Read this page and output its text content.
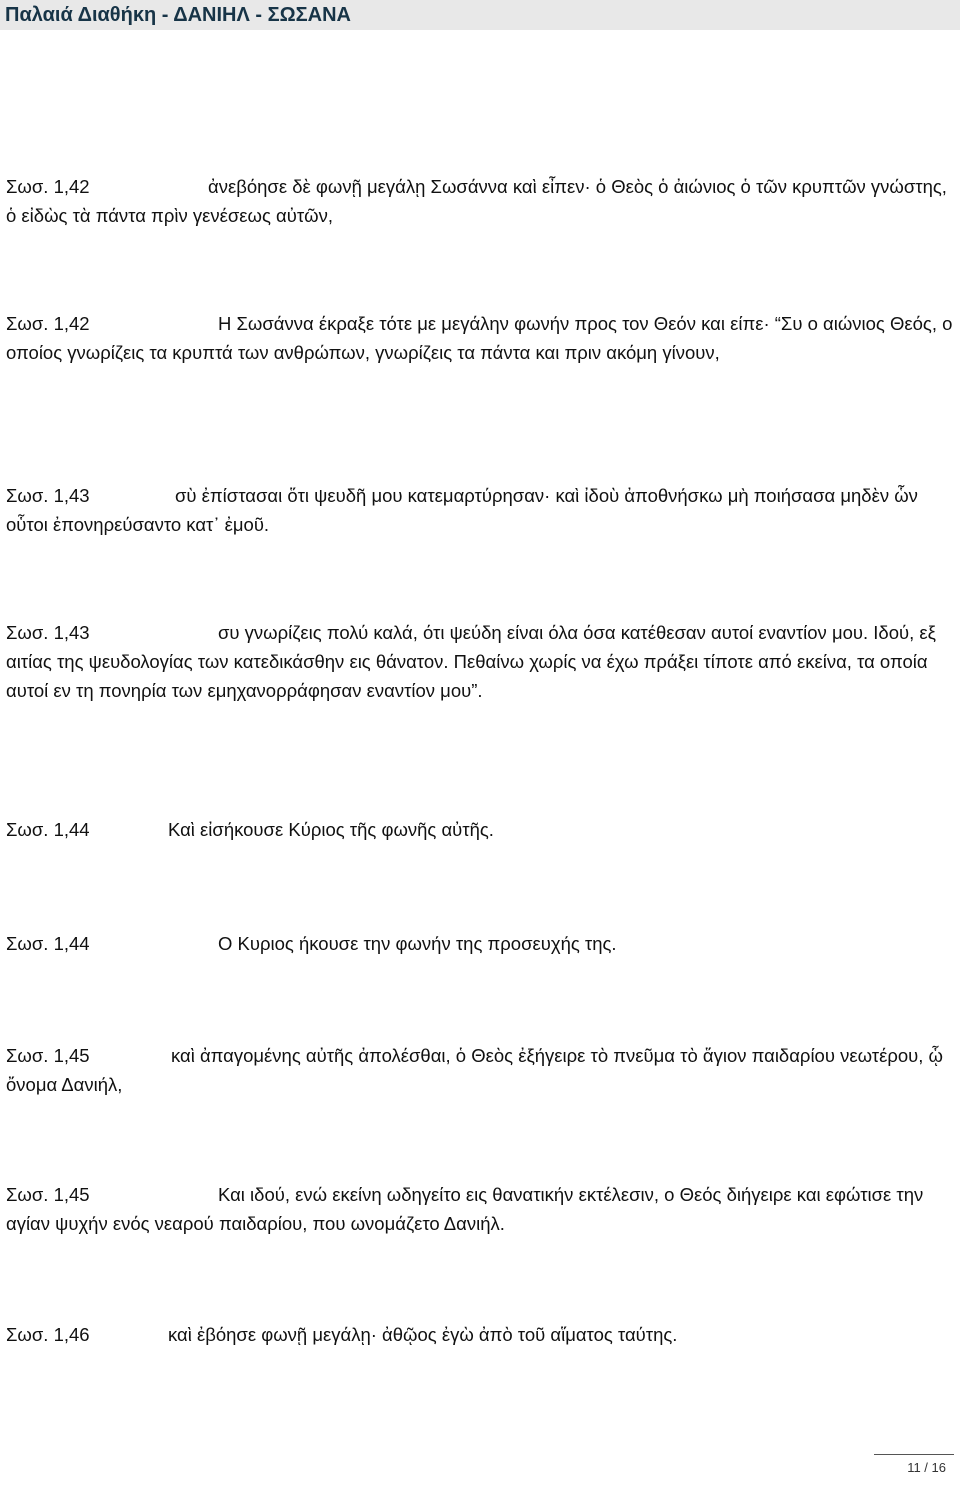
Παλαιά Διαθήκη - ΔΑΝΙΗΛ - ΣΩΣΑΝΑ
Σωσ. 1,42	ἀνεβόησε δὲ φωνῇ μεγάλῃ Σωσάννα καὶ εἶπεν· ὁ Θεὸς ὁ ἀιώνιος ὁ τῶν κρυπτῶν γνώστης, ὁ εἰδὼς τὰ πάντα πρὶν γενέσεως αὐτῶν,
Σωσ. 1,42	Η Σωσάννα έκραξε τότε με μεγάλην φωνήν προς τον Θεόν και είπε· “Συ ο αιώνιος Θεός, ο οποίος γνωρίζεις τα κρυπτά των ανθρώπων, γνωρίζεις τα πάντα και πριν ακόμη γίνουν,
Σωσ. 1,43	σὺ ἐπίστασαι ὅτι ψευδῆ μου κατεμαρτύρησαν· καὶ ἰδοὺ ἀποθνήσκω μὴ ποιήσασα μηδὲν ὧν οὗτοι ἐπονηρεύσαντο κατ᾿ ἐμοῦ.
Σωσ. 1,43	συ γνωρίζεις πολύ καλά, ότι ψεύδη είναι όλα όσα κατέθεσαν αυτοί εναντίον μου. Ιδού, εξ αιτίας της ψευδολογίας των κατεδικάσθην εις θάνατον. Πεθαίνω χωρίς να έχω πράξει τίποτε από εκείνα, τα οποία αυτοί εν τη πονηρία των εμηχανορράφησαν εναντίον μου”.
Σωσ. 1,44	Καὶ εἰσήκουσε Κύριος τῆς φωνῆς αὐτῆς.
Σωσ. 1,44	Ο Κυριος ήκουσε την φωνήν της προσευχής της.
Σωσ. 1,45	καὶ ἀπαγομένης αὐτῆς ἀπολέσθαι, ὁ Θεὸς ἐξήγειρε τὸ πνεῦμα τὸ ἅγιον παιδαρίου νεωτέρου, ᾧ ὄνομα Δανιήλ,
Σωσ. 1,45	Και ιδού, ενώ εκείνη ωδηγείτο εις θανατικήν εκτέλεσιν, ο Θεός διήγειρε και εφώτισε την αγίαν ψυχήν ενός νεαρού παιδαρίου, που ωνομάζετο Δανιήλ.
Σωσ. 1,46	καὶ ἐβόησε φωνῇ μεγάλῃ· ἀθῷος ἐγὼ ἀπὸ τοῦ αἵματος ταύτης.
11 / 16
